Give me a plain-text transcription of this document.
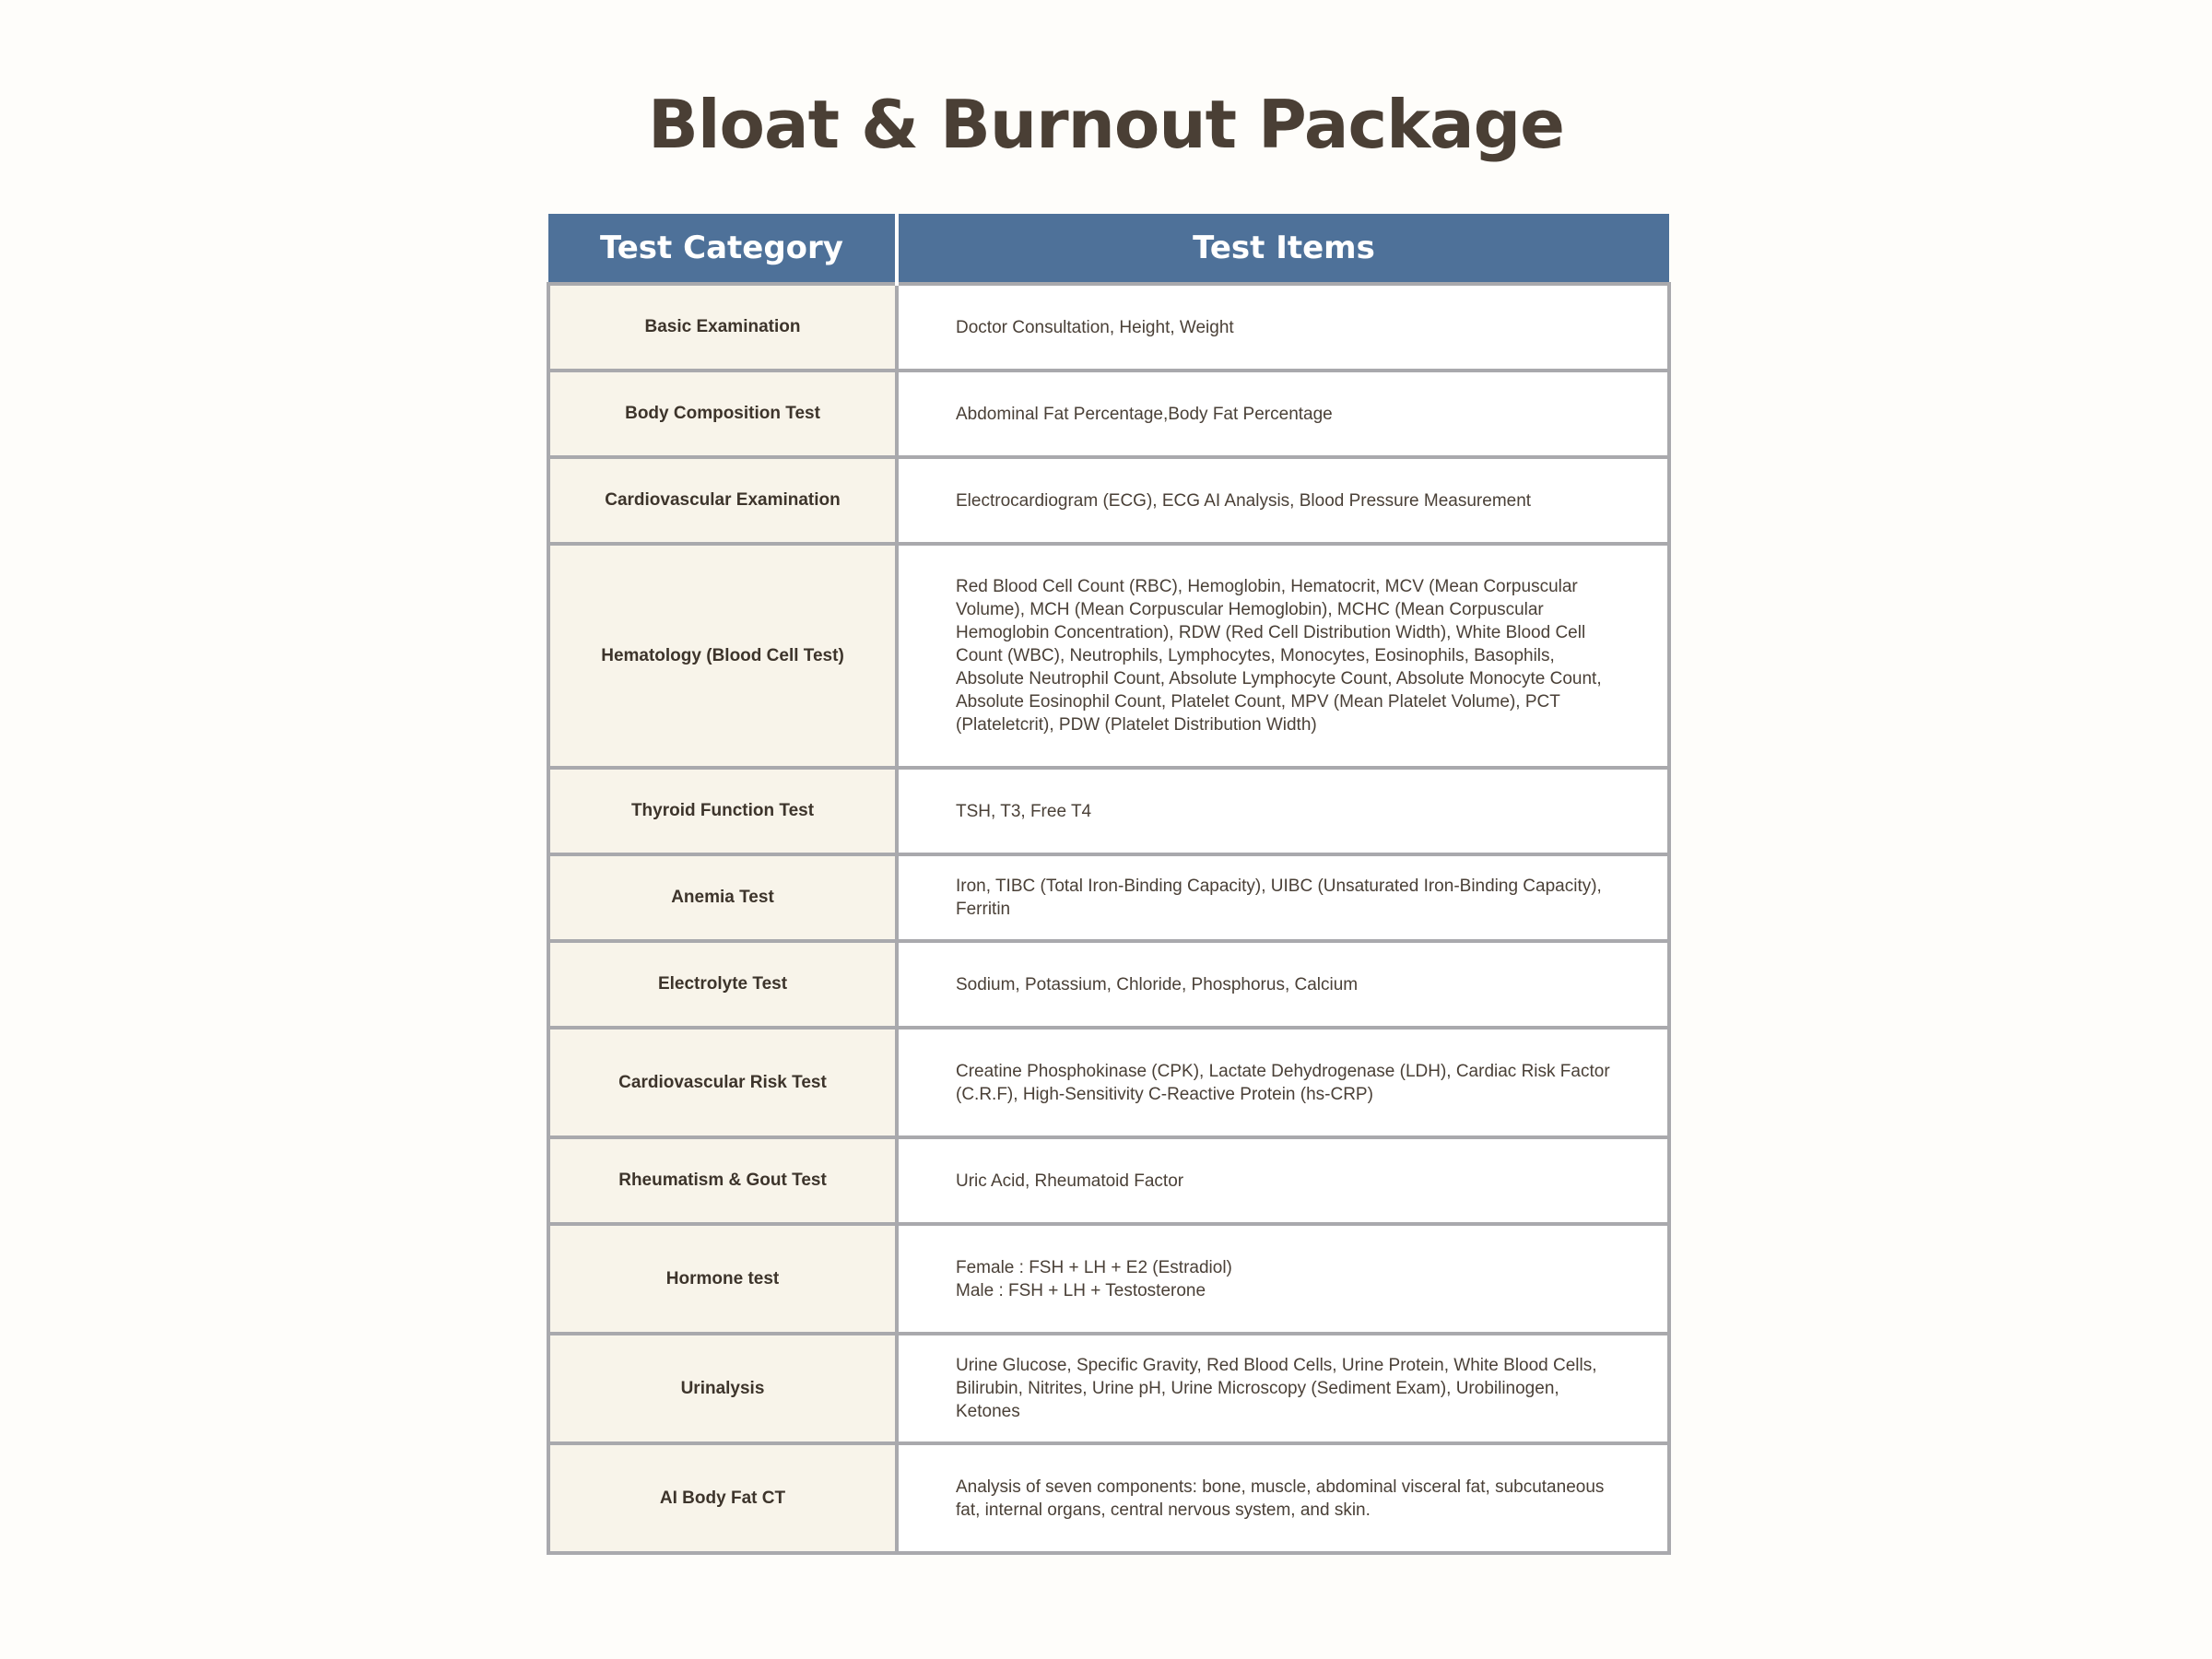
Bloat & Burnout Package
Test Category	Test Items
Basic Examination	Doctor Consultation, Height, Weight
Body Composition Test	Abdominal Fat Percentage,Body Fat Percentage
Cardiovascular Examination	Electrocardiogram (ECG), ECG AI Analysis, Blood Pressure Measurement
Hematology (Blood Cell Test)	Red Blood Cell Count (RBC), Hemoglobin, Hematocrit, MCV (Mean Corpuscular Volume), MCH (Mean Corpuscular Hemoglobin), MCHC (Mean Corpuscular Hemoglobin Concentration), RDW (Red Cell Distribution Width), White Blood Cell Count (WBC), Neutrophils, Lymphocytes, Monocytes, Eosinophils, Basophils, Absolute Neutrophil Count, Absolute Lymphocyte Count, Absolute Monocyte Count, Absolute Eosinophil Count, Platelet Count, MPV (Mean Platelet Volume), PCT (Plateletcrit), PDW (Platelet Distribution Width)
Thyroid Function Test	TSH, T3, Free T4
Anemia Test	Iron, TIBC (Total Iron-Binding Capacity), UIBC (Unsaturated Iron-Binding Capacity), Ferritin
Electrolyte Test	Sodium, Potassium, Chloride, Phosphorus, Calcium
Cardiovascular Risk Test	Creatine Phosphokinase (CPK), Lactate Dehydrogenase (LDH), Cardiac Risk Factor (C.R.F), High-Sensitivity C-Reactive Protein (hs-CRP)
Rheumatism & Gout Test	Uric Acid, Rheumatoid Factor
Hormone test	Female : FSH + LH + E2 (Estradiol)
Male : FSH + LH + Testosterone
Urinalysis	Urine Glucose, Specific Gravity, Red Blood Cells, Urine Protein, White Blood Cells, Bilirubin, Nitrites, Urine pH, Urine Microscopy (Sediment Exam), Urobilinogen, Ketones
AI Body Fat CT	Analysis of seven components: bone, muscle, abdominal visceral fat, subcutaneous fat, internal organs, central nervous system, and skin.
